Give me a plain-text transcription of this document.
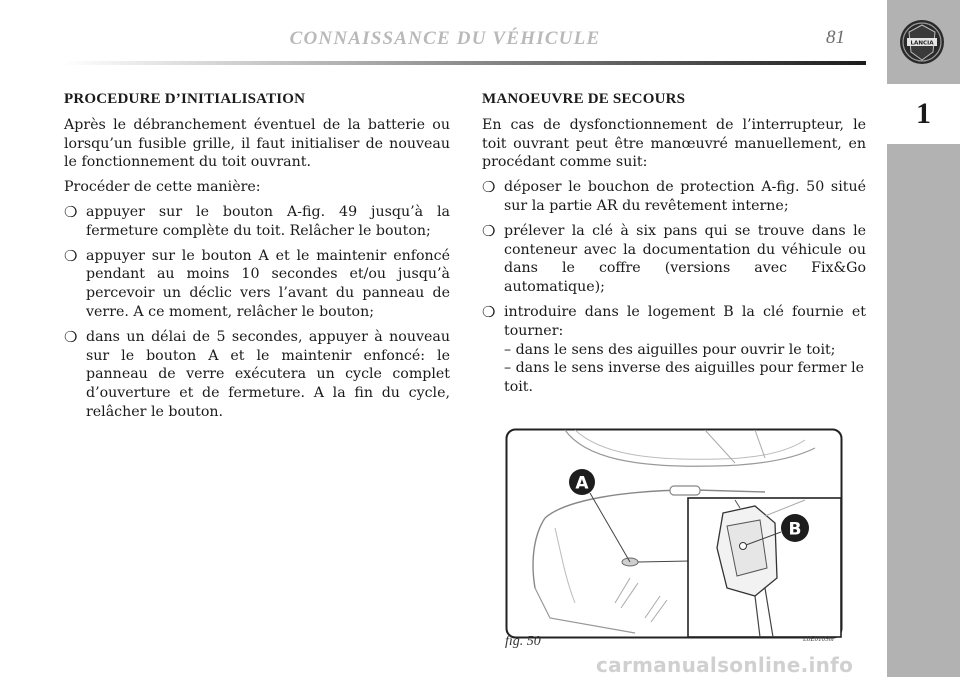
CONNAISSANCE DU VÉHICULE	81	LANCIA
1
PROCEDURE D’INITIALISATION

Après le débranchement éventuel de la batterie ou lorsqu’un fusible grille, il faut initialiser de nouveau le fonctionnement du toit ouvrant.

Procéder de cette manière:

❍ appuyer sur le bouton A-fig. 49 jusqu’à la fermeture complète du toit. Relâcher le bouton;
❍ appuyer sur le bouton A et le maintenir enfoncé pendant au moins 10 secondes et/ou jusqu’à percevoir un déclic vers l’avant du panneau de verre. A ce moment, relâcher le bouton;
❍ dans un délai de 5 secondes, appuyer à nouveau sur le bouton A et le maintenir enfoncé: le panneau de verre exécutera un cycle complet d’ouverture et de fermeture. A la fin du cycle, relâcher le bouton.
MANOEUVRE DE SECOURS

En cas de dysfonctionnement de l’interrupteur, le toit ouvrant peut être manœuvré manuellement, en procédant comme suit:

❍ déposer le bouchon de protection A-fig. 50 situé sur la partie AR du revêtement interne;
❍ prélever la clé à six pans qui se trouve dans le conteneur avec la documentation du véhicule ou dans le coffre (versions avec Fix&Go automatique);
❍ introduire dans le logement B la clé fournie et tourner:
– dans le sens des aiguilles pour ouvrir le toit;
– dans le sens inverse des aiguilles pour fermer le toit.
A
B
fig. 50	L0E0109m
carmanualsonline.info
